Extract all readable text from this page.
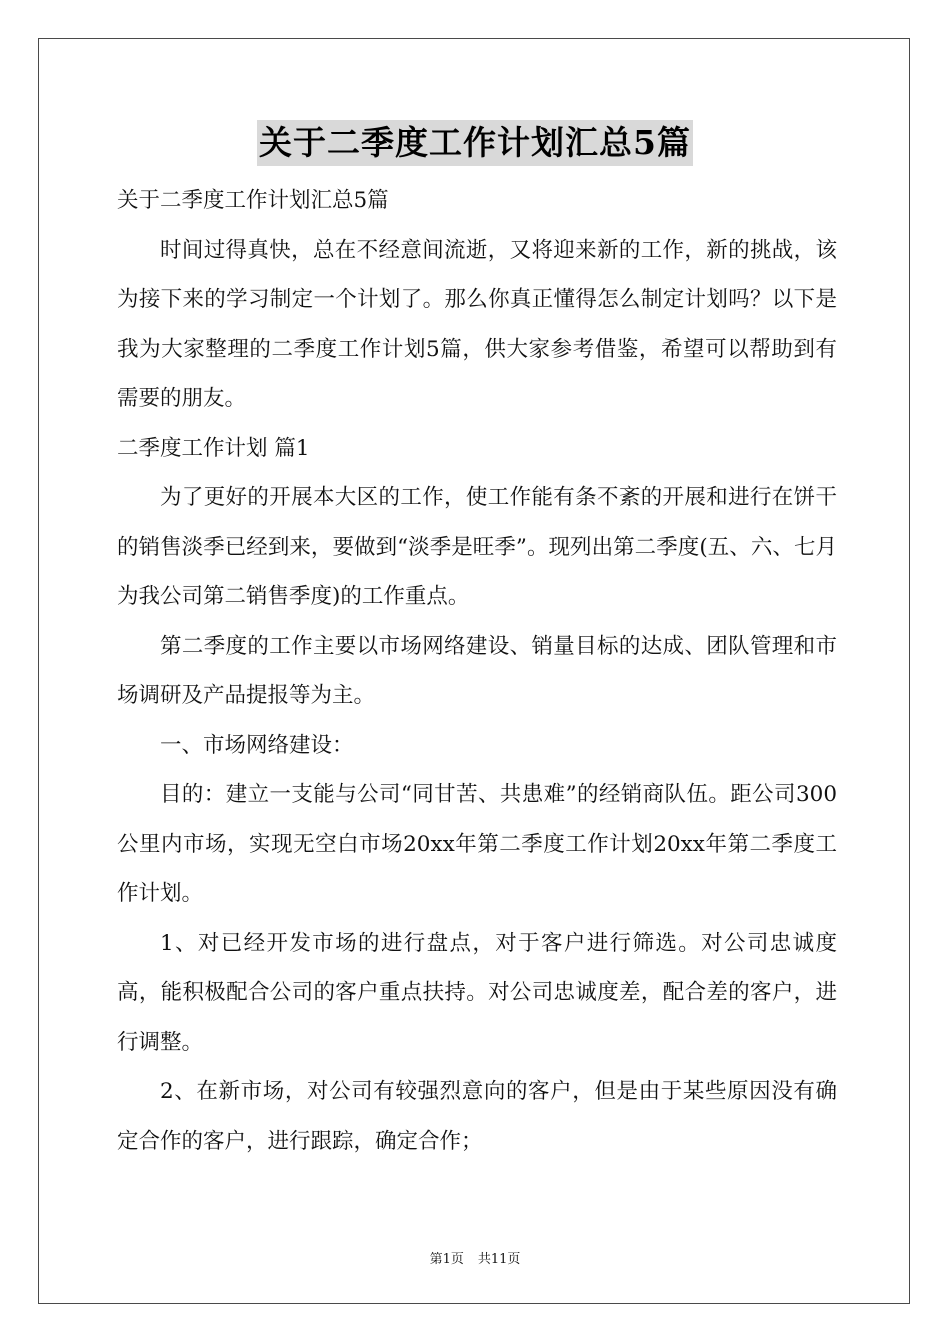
关于二季度工作计划汇总5篇

关于二季度工作计划汇总5篇

时间过得真快，总在不经意间流逝，又将迎来新的工作，新的挑战，该为接下来的学习制定一个计划了。那么你真正懂得怎么制定计划吗？以下是我为大家整理的二季度工作计划5篇，供大家参考借鉴，希望可以帮助到有需要的朋友。

二季度工作计划 篇1

为了更好的开展本大区的工作，使工作能有条不紊的开展和进行在饼干的销售淡季已经到来，要做到“淡季是旺季”。现列出第二季度(五、六、七月为我公司第二销售季度)的工作重点。

第二季度的工作主要以市场网络建设、销量目标的达成、团队管理和市场调研及产品提报等为主。

一、市场网络建设：

目的：建立一支能与公司“同甘苦、共患难”的经销商队伍。距公司300公里内市场，实现无空白市场20xx年第二季度工作计划20xx年第二季度工作计划。

1、对已经开发市场的进行盘点，对于客户进行筛选。对公司忠诚度高，能积极配合公司的客户重点扶持。对公司忠诚度差，配合差的客户，进行调整。

2、在新市场，对公司有较强烈意向的客户，但是由于某些原因没有确定合作的客户，进行跟踪，确定合作；

第1页 共11页
